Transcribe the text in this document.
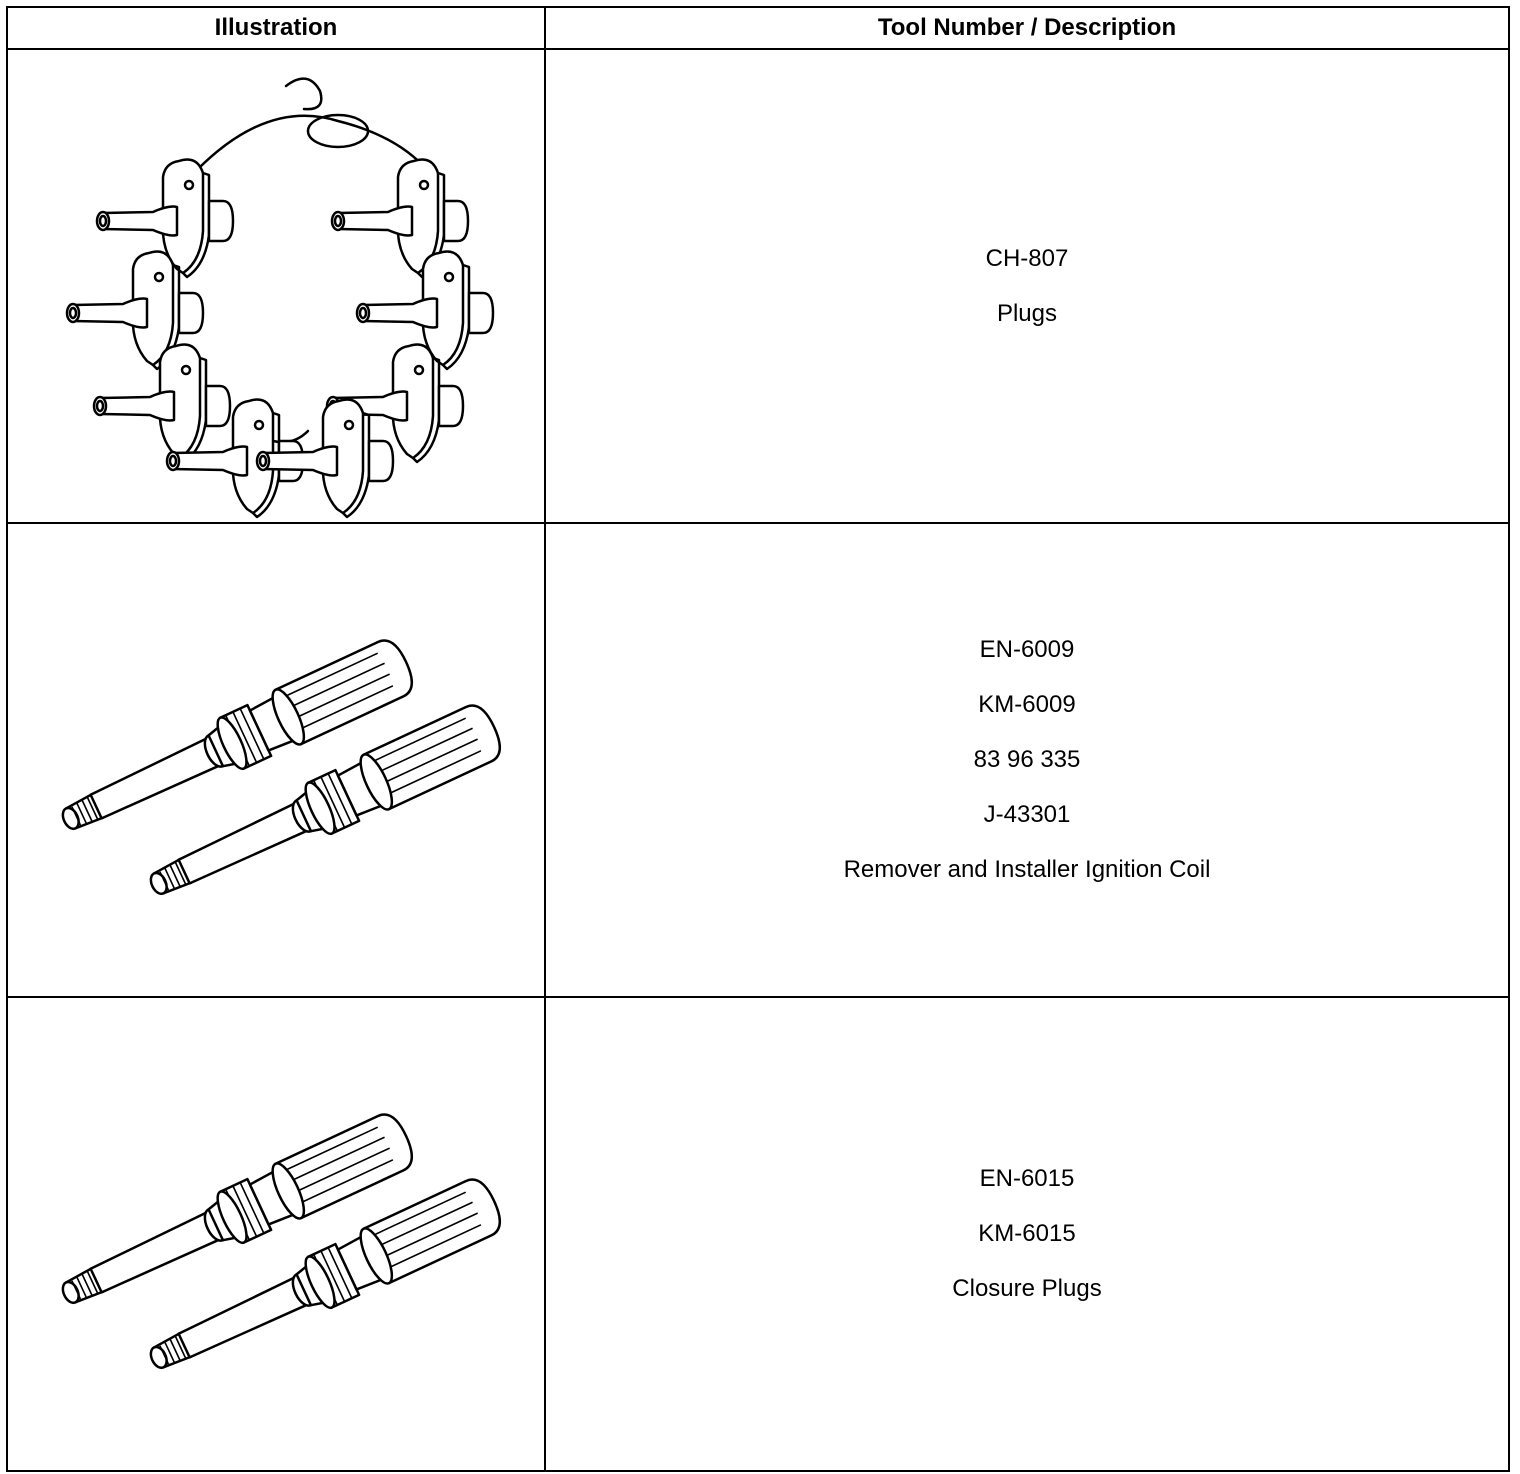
Illustration	Tool Number / Description

CH-807
Plugs

EN-6009
KM-6009
83 96 335
J-43301
Remover and Installer Ignition Coil

EN-6015
KM-6015
Closure Plugs
